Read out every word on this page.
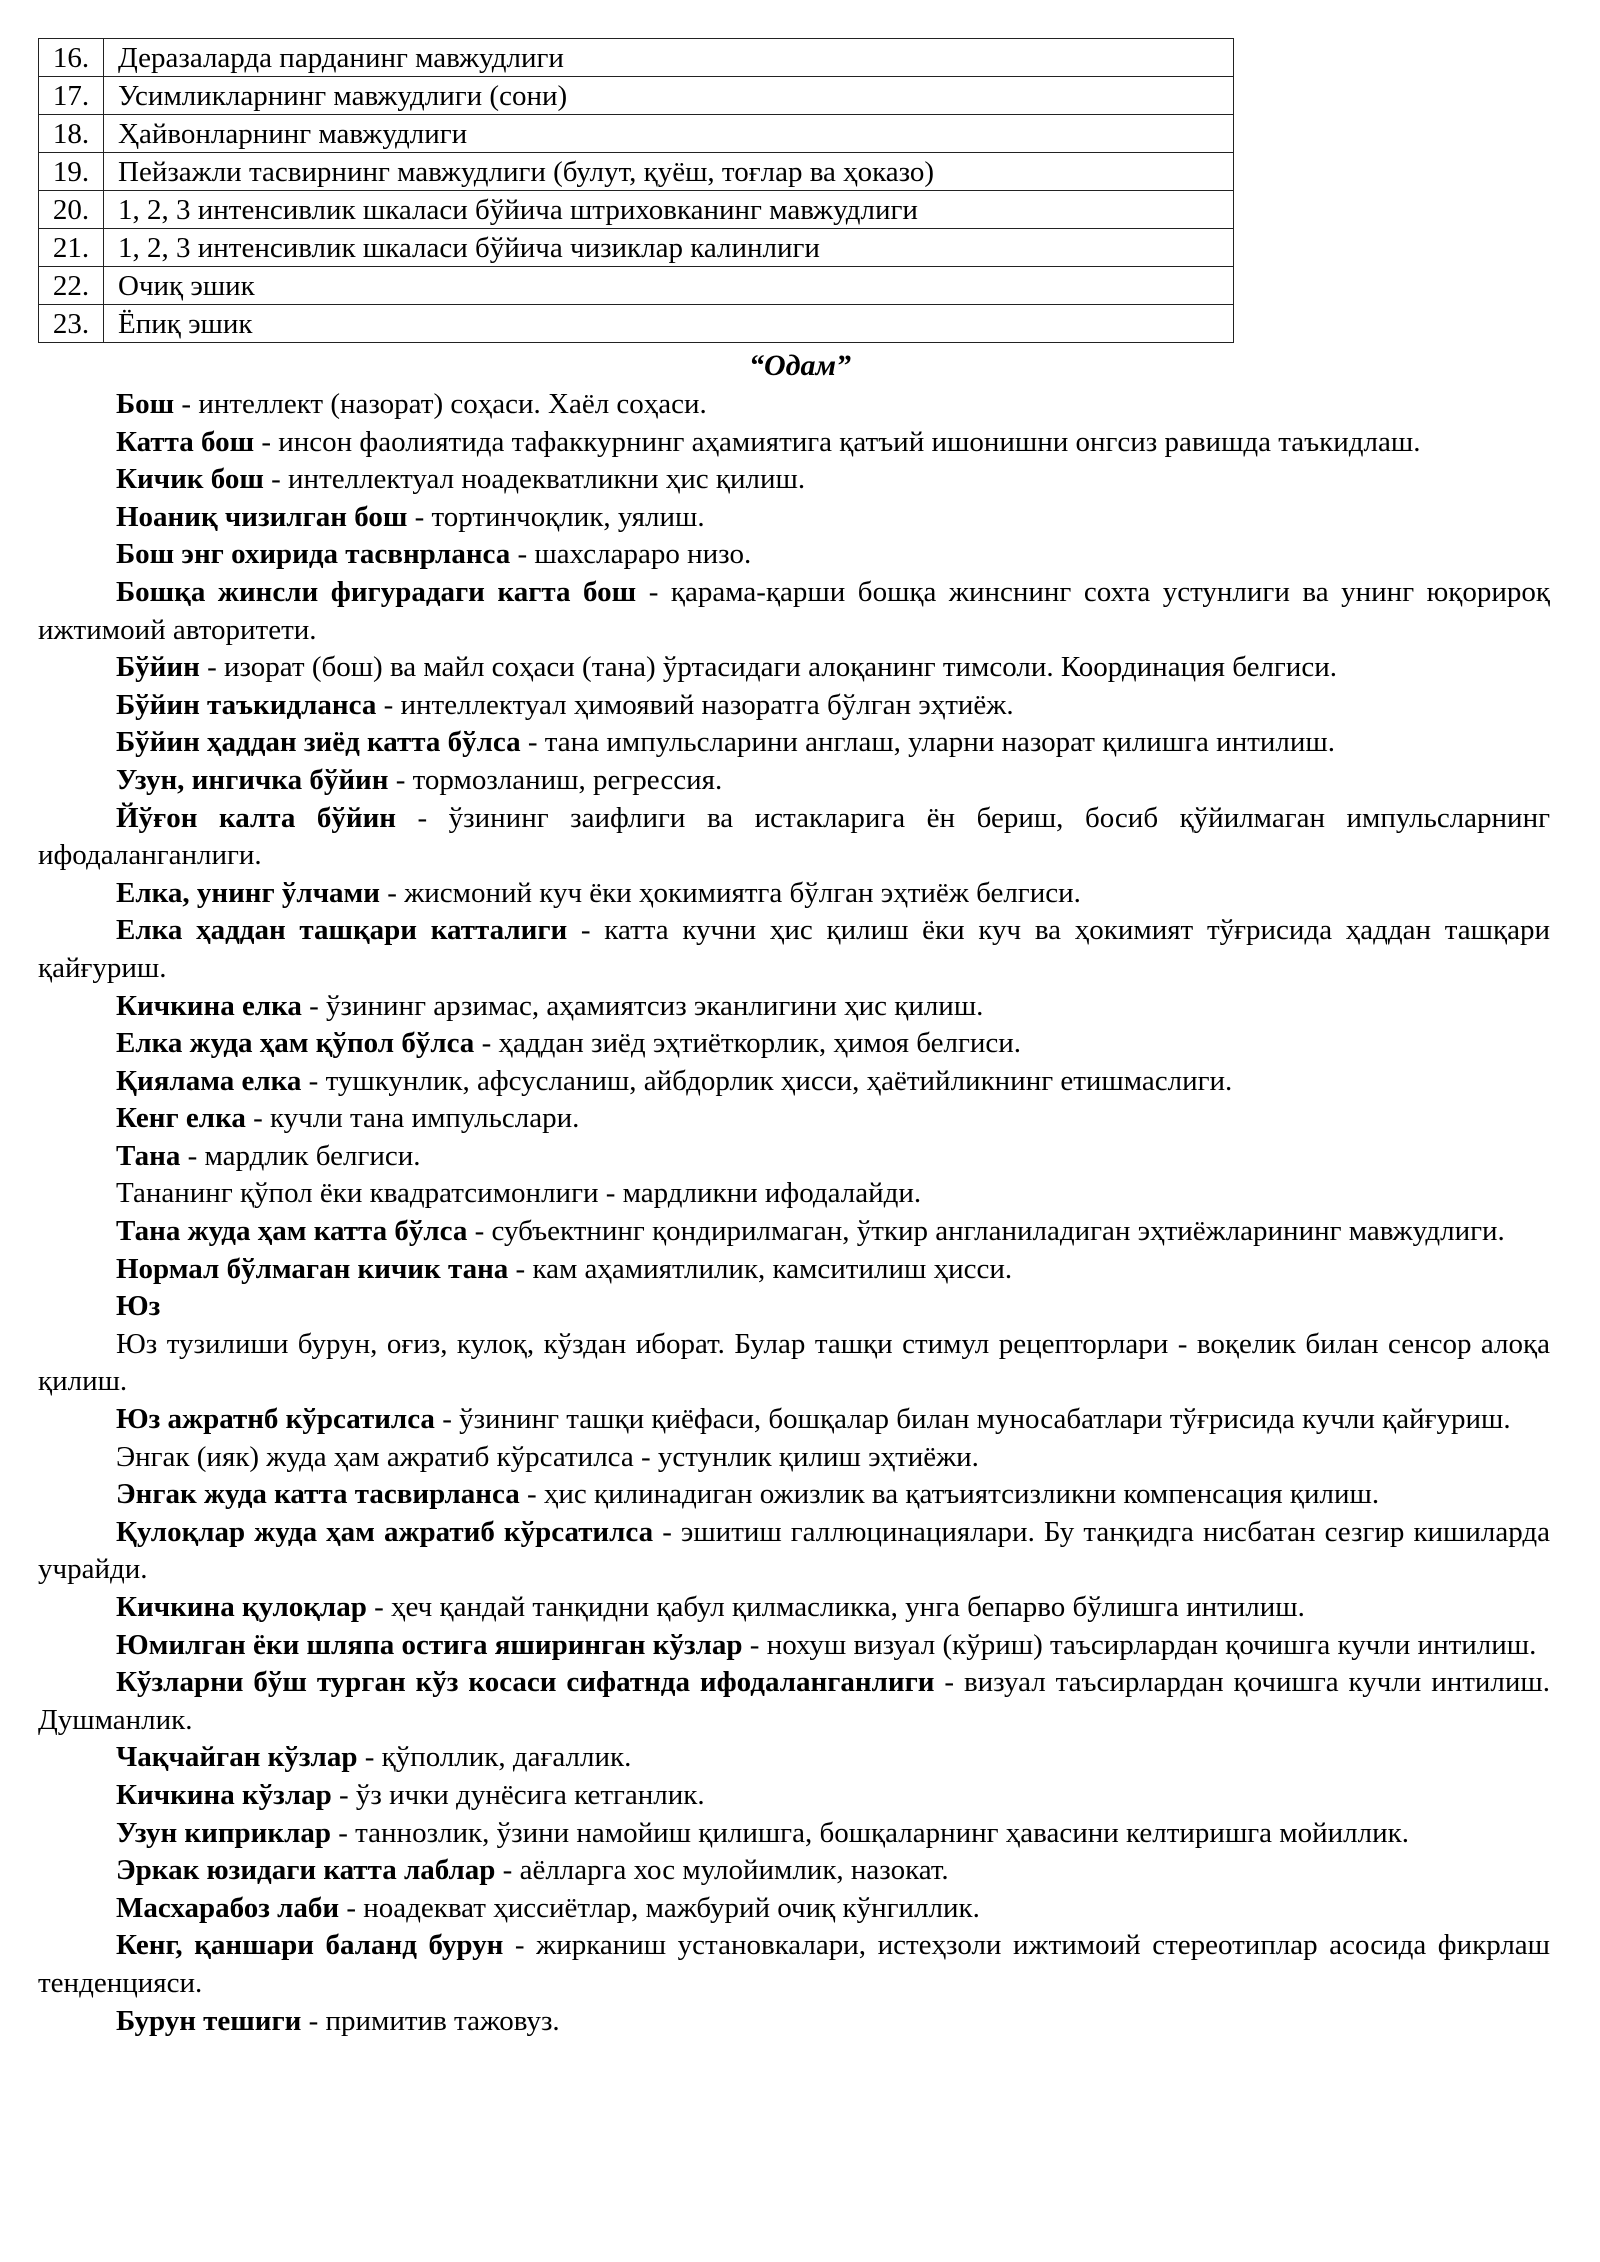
16.	Деразаларда парданинг мавжудлиги
17.	Усимликларнинг мавжудлиги (сони)
18.	Ҳайвонларнинг мавжудлиги
19.	Пейзажли тасвирнинг мавжудлиги (булут, қуёш, тоғлар ва ҳоказо)
20.	1, 2, 3 интенсивлик шкаласи бўйича штриховканинг мавжудлиги
21.	1, 2, 3 интенсивлик шкаласи бўйича чизиклар калинлиги
22.	Очиқ эшик
23.	Ёпиқ эшик
“Одам”

Бош - интеллект (назорат) соҳаси. Хаёл соҳаси.

Катта бош - инсон фаолиятида тафаккурнинг аҳамиятига қатъий ишонишни онгсиз равишда таъкидлаш.

Кичик бош - интеллектуал ноадекватликни ҳис қилиш.

Ноаниқ чизилган бош - тортинчоқлик, уялиш.

Бош энг охирида тасвнрланса - шахслараро низо.

Бошқа жинсли фигурадаги кагта бош - қарама-қарши бошқа жинснинг сохта устунлиги ва унинг юқорироқ ижтимоий авторитети.

Бўйин - изорат (бош) ва майл соҳаси (тана) ўртасидаги алоқанинг тимсоли. Координация белгиси.

Бўйин таъкидланса - интеллектуал ҳимоявий назоратга бўлган эҳтиёж.

Бўйин ҳаддан зиёд катта бўлса - тана импульсларини англаш, уларни назорат қилишга интилиш.

Узун, ингичка бўйин - тормозланиш, регрессия.

Йўғон калта бўйин - ўзининг заифлиги ва истакларига ён бериш, босиб қўйилмаган импульсларнинг ифодаланганлиги.

Елка, унинг ўлчами - жисмоний куч ёки ҳокимиятга бўлган эҳтиёж белгиси.

Елка ҳаддан ташқари катталиги - катта кучни ҳис қилиш ёки куч ва ҳокимият тўғрисида ҳаддан ташқари қайғуриш.

Кичкина елка - ўзининг арзимас, аҳамиятсиз эканлигини ҳис қилиш.

Елка жуда ҳам қўпол бўлса - ҳаддан зиёд эҳтиёткорлик, ҳимоя белгиси.

Қиялама елка - тушкунлик, афсусланиш, айбдорлик ҳисси, ҳаётийликнинг етишмаслиги.

Кенг елка - кучли тана импульслари.

Тана - мардлик белгиси.

Тананинг қўпол ёки квадратсимонлиги - мардликни ифодалайди.

Тана жуда ҳам катта бўлса - субъектнинг қондирилмаган, ўткир англаниладиган эҳтиёжларининг мавжудлиги.

Нормал бўлмаган кичик тана - кам аҳамиятлилик, камситилиш ҳисси.

Юз

Юз тузилиши бурун, оғиз, кулоқ, кўздан иборат. Булар ташқи стимул рецепторлари - воқелик билан сенсор алоқа қилиш.

Юз ажратнб кўрсатилса - ўзининг ташқи қиёфаси, бошқалар билан муносабатлари тўғрисида кучли қайғуриш.

Энгак (ияк) жуда ҳам ажратиб кўрсатилса - устунлик қилиш эҳтиёжи.

Энгак жуда катта тасвирланса - ҳис қилинадиган ожизлик ва қатъиятсизликни компенсация қилиш.

Қулоқлар жуда ҳам ажратиб кўрсатилса - эшитиш галлюцинациялари. Бу танқидга нисбатан сезгир кишиларда учрайди.

Кичкина қулоқлар - ҳеч қандай танқидни қабул қилмасликка, унга бепарво бўлишга интилиш.

Юмилган ёки шляпа остига яширинган кўзлар - нохуш визуал (кўриш) таъсирлардан қочишга кучли интилиш.

Кўзларни бўш турган кўз косаси сифатнда ифодаланганлиги - визуал таъсирлардан қочишга кучли интилиш. Душманлик.

Чақчайган кўзлар - қўполлик, дағаллик.

Кичкина кўзлар - ўз ички дунёсига кетганлик.

Узун киприклар - таннозлик, ўзини намойиш қилишга, бошқаларнинг ҳавасини келтиришга мойиллик.

Эркак юзидаги катта лаблар - аёлларга хос мулойимлик, назокат.

Масхарабоз лаби - ноадекват ҳиссиётлар, мажбурий очиқ кўнгиллик.

Кенг, қаншари баланд бурун - жирканиш установкалари, истеҳзоли ижтимоий стереотиплар асосида фикрлаш тенденцияси.

Бурун тешиги - примитив тажовуз.
